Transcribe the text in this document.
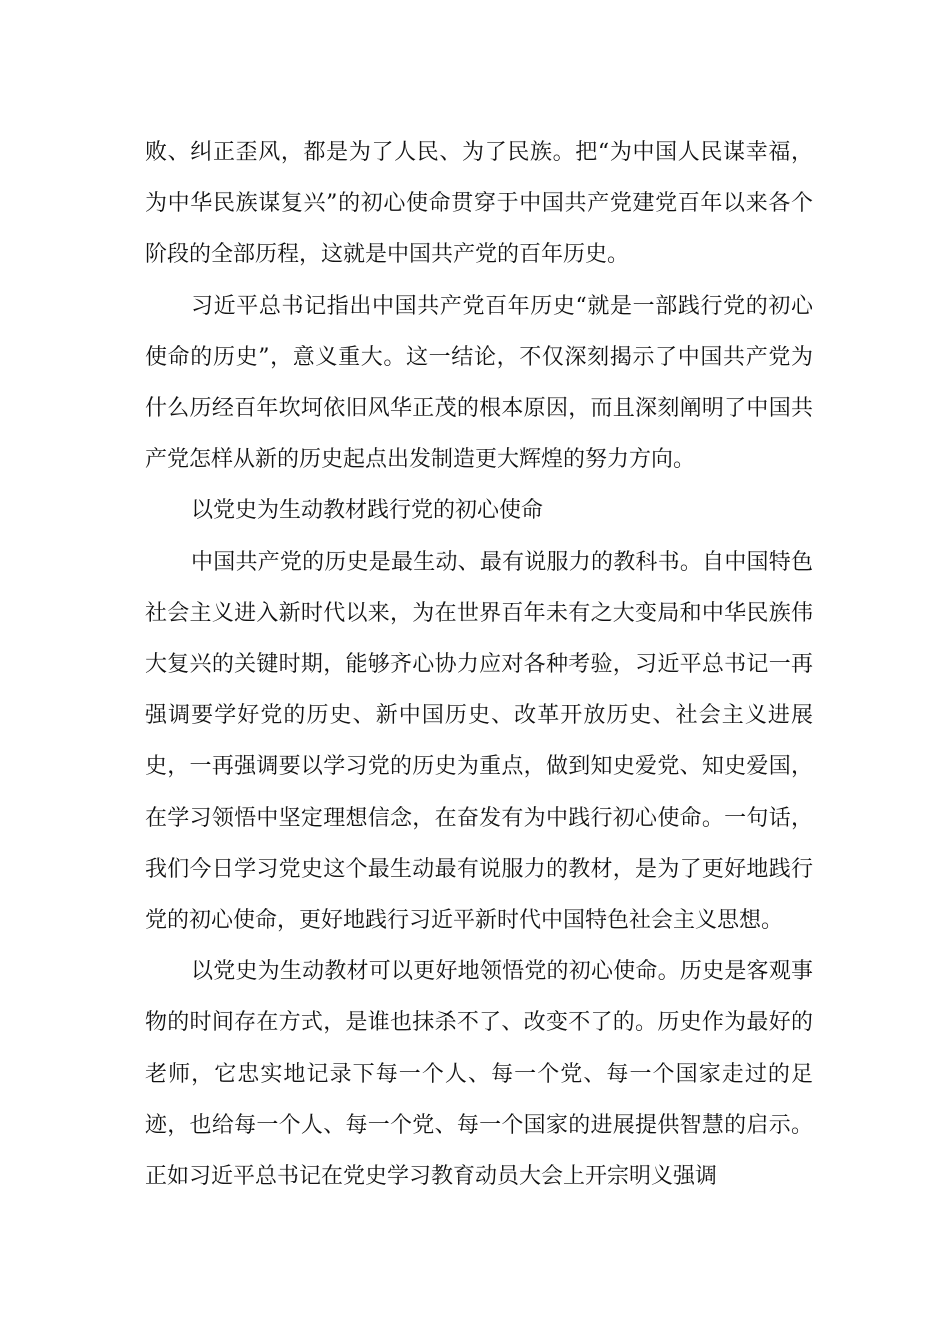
败、纠正歪风，都是为了人民、为了民族。把“为中国人民谋幸福，为中华民族谋复兴”的初心使命贯穿于中国共产党建党百年以来各个阶段的全部历程，这就是中国共产党的百年历史。

习近平总书记指出中国共产党百年历史“就是一部践行党的初心使命的历史”，意义重大。这一结论，不仅深刻揭示了中国共产党为什么历经百年坎坷依旧风华正茂的根本原因，而且深刻阐明了中国共产党怎样从新的历史起点出发制造更大辉煌的努力方向。

以党史为生动教材践行党的初心使命

中国共产党的历史是最生动、最有说服力的教科书。自中国特色社会主义进入新时代以来，为在世界百年未有之大变局和中华民族伟大复兴的关键时期，能够齐心协力应对各种考验，习近平总书记一再强调要学好党的历史、新中国历史、改革开放历史、社会主义进展史，一再强调要以学习党的历史为重点，做到知史爱党、知史爱国，在学习领悟中坚定理想信念，在奋发有为中践行初心使命。一句话，我们今日学习党史这个最生动最有说服力的教材，是为了更好地践行党的初心使命，更好地践行习近平新时代中国特色社会主义思想。

以党史为生动教材可以更好地领悟党的初心使命。历史是客观事物的时间存在方式，是谁也抹杀不了、改变不了的。历史作为最好的老师，它忠实地记录下每一个人、每一个党、每一个国家走过的足迹，也给每一个人、每一个党、每一个国家的进展提供智慧的启示。正如习近平总书记在党史学习教育动员大会上开宗明义强调
